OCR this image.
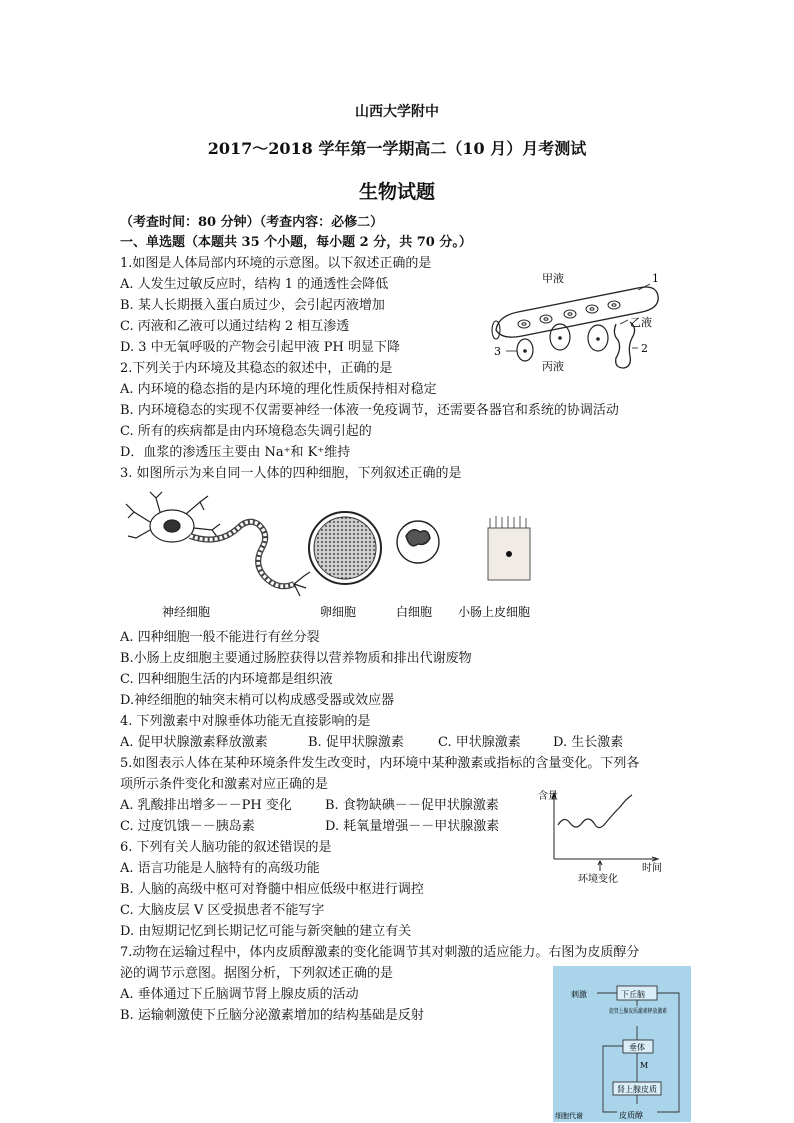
山西大学附中
2017～2018 学年第一学期高二（10 月）月考测试
生物试题
（考查时间：80 分钟）（考查内容：必修二）
一、单选题（本题共 35 个小题，每小题 2 分，共 70 分。）
1.如图是人体局部内环境的示意图。以下叙述正确的是
A. 人发生过敏反应时，结构 1 的通透性会降低
B. 某人长期摄入蛋白质过少，会引起丙液增加
C. 丙液和乙液可以通过结构 2 相互渗透
D. 3 中无氧呼吸的产物会引起甲液 PH 明显下降
甲液	1
乙液
2
3
丙液
2.下列关于内环境及其稳态的叙述中，正确的是
A. 内环境的稳态指的是内环境的理化性质保持相对稳定
B. 内环境稳态的实现不仅需要神经一体液一免疫调节，还需要各器官和系统的协调活动
C. 所有的疾病都是由内环境稳态失调引起的
D．血浆的渗透压主要由 Na⁺和 K⁺维持
3. 如图所示为来自同一人体的四种细胞，下列叙述正确的是
神经细胞	卵细胞	白细胞 小肠上皮细胞
A. 四种细胞一般不能进行有丝分裂
B.小肠上皮细胞主要通过肠腔获得以营养物质和排出代谢废物
C. 四种细胞生活的内环境都是组织液
D.神经细胞的轴突末梢可以构成感受器或效应器
4. 下列激素中对腺垂体功能无直接影响的是
A. 促甲状腺激素释放激素	B. 促甲状腺激素	C. 甲状腺激素 D. 生长激素
5.如图表示人体在某种环境条件发生改变时，内环境中某种激素或指标的含量变化。下列各
项所示条件变化和激素对应正确的是
A. 乳酸排出增多－－PH 变化	B. 食物缺碘－－促甲状腺激素
C. 过度饥饿－－胰岛素	D. 耗氧量增强－－甲状腺激素
含量
时间
环境变化
6. 下列有关人脑功能的叙述错误的是
A. 语言功能是人脑特有的高级功能
B. 人脑的高级中枢可对脊髓中相应低级中枢进行调控
C. 大脑皮层 V 区受损患者不能写字
D. 由短期记忆到长期记忆可能与新突触的建立有关
7.动物在运输过程中，体内皮质醇激素的变化能调节其对刺激的适应能力。右图为皮质醇分
泌的调节示意图。据图分析，下列叙述正确的是
A. 垂体通过下丘脑调节肾上腺皮质的活动
B. 运输刺激使下丘脑分泌激素增加的结构基础是反射
刺激	下丘脑
促肾上腺皮质激素释放激素
垂体
M
肾上腺皮质
细胞代谢	皮质醇
